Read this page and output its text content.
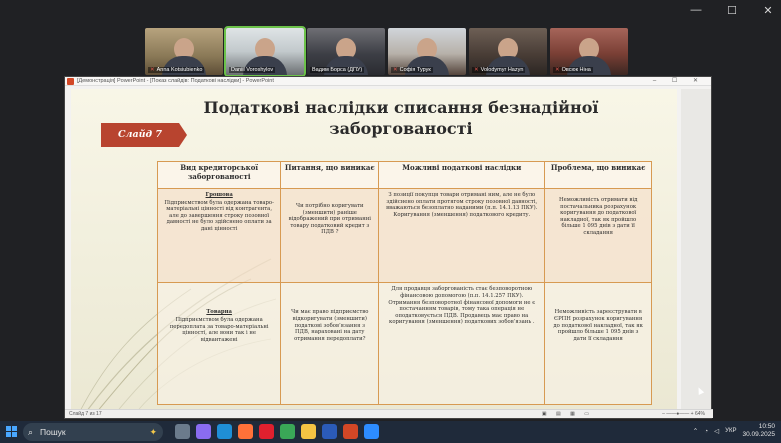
— ☐ ✕
✕ Anna Kotsiubienko	Daniil Voroshylov	Вадим Борса (ДПУ)	✕ Софія Турук	✕ Volodymyr Hazyn	✕ Овсюк Ніна
[Демонстрація] PowerPoint - [Показ слайдів: Податкові наслідки] - PowerPoint	– ☐ ✕
Податкові наслідки списання безнадійної
заборгованості
Слайд 7
Вид кредиторської заборгованості	Питання, що виникає	Можливі податкові наслідки	Проблема, що виникає

Грошова
Підприємством була одержана товаро-матеріальні цінності від контрагента, але до завершення строку позовної давності не було здійснено оплати за дані цінності	Чи потрібно коригувати (зменшити) раніше відображений при отриманні товару податковий кредит з ПДВ ?	З позиції покупця товари отримані ним, але не було здійснено оплати протягом строку позовної давності, вважаються безоплатно наданими (п.п. 14.1.13 ПКУ). Коригування (зменшення) податкового кредиту.	Неможливість отримати від постачальника розрахунок коригування до податкової накладної, так як пройшло більше 1 095 днів з дати її складання

Товарна
Підприємством була одержана передоплата за товаро-матеріальні цінності, але вони так і не відвантажені	Чи має право підприємство відкоригувати (зменшити) податкові зобов’язання з ПДВ, нараховані на дату отримання передоплати?	Для продавця заборгованість стає безповоротною фінансовою допомогою (п.п. 14.1.257 ПКУ). Отримання безповоротної фінансової допомоги не є постачанням товарів, тому така операція не оподатковується ПДВ. Продавець має право на коригування (зменшення) податкових зобов’язань .	Неможливість зареєструвати в ЄРПН розрахунок коригування до податкової накладної, так як пройшло більше 1 095 днів з дати її складання
Слайд 7 из 17	▣ ▤ ▦ ▭	– ——●—— + 64%
⌕ Пошук	✦	⌃ ◔ ◁ УКР
10:50
30.09.2025
